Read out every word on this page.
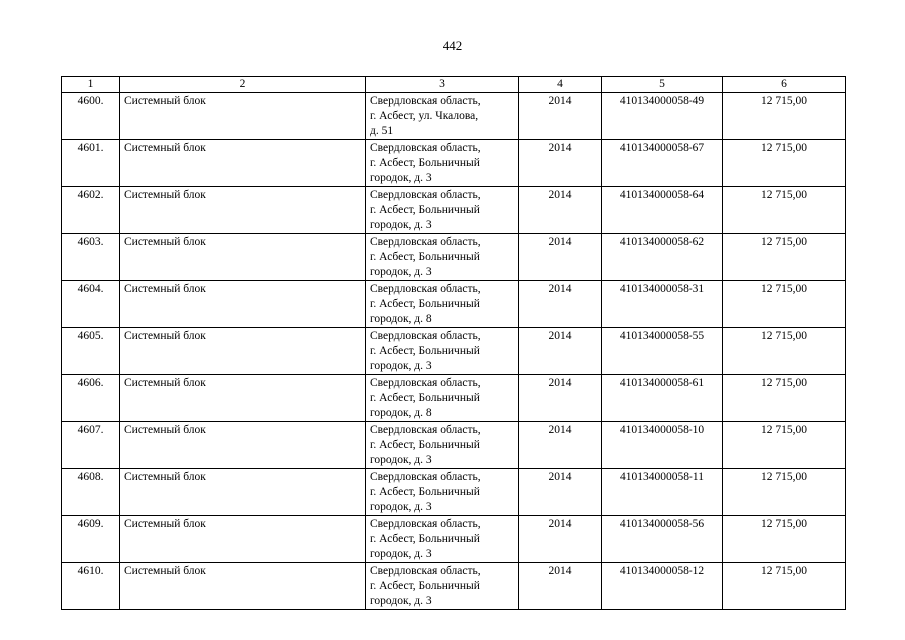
442
1	2	3	4	5	6
4600.	Системный блок	Свердловская область,
г. Асбест, ул. Чкалова,
д. 51	2014	410134000058-49	12 715,00
4601.	Системный блок	Свердловская область,
г. Асбест, Больничный
городок, д. 3	2014	410134000058-67	12 715,00
4602.	Системный блок	Свердловская область,
г. Асбест, Больничный
городок, д. 3	2014	410134000058-64	12 715,00
4603.	Системный блок	Свердловская область,
г. Асбест, Больничный
городок, д. 3	2014	410134000058-62	12 715,00
4604.	Системный блок	Свердловская область,
г. Асбест, Больничный
городок, д. 8	2014	410134000058-31	12 715,00
4605.	Системный блок	Свердловская область,
г. Асбест, Больничный
городок, д. 3	2014	410134000058-55	12 715,00
4606.	Системный блок	Свердловская область,
г. Асбест, Больничный
городок, д. 8	2014	410134000058-61	12 715,00
4607.	Системный блок	Свердловская область,
г. Асбест, Больничный
городок, д. 3	2014	410134000058-10	12 715,00
4608.	Системный блок	Свердловская область,
г. Асбест, Больничный
городок, д. 3	2014	410134000058-11	12 715,00
4609.	Системный блок	Свердловская область,
г. Асбест, Больничный
городок, д. 3	2014	410134000058-56	12 715,00
4610.	Системный блок	Свердловская область,
г. Асбест, Больничный
городок, д. 3	2014	410134000058-12	12 715,00
